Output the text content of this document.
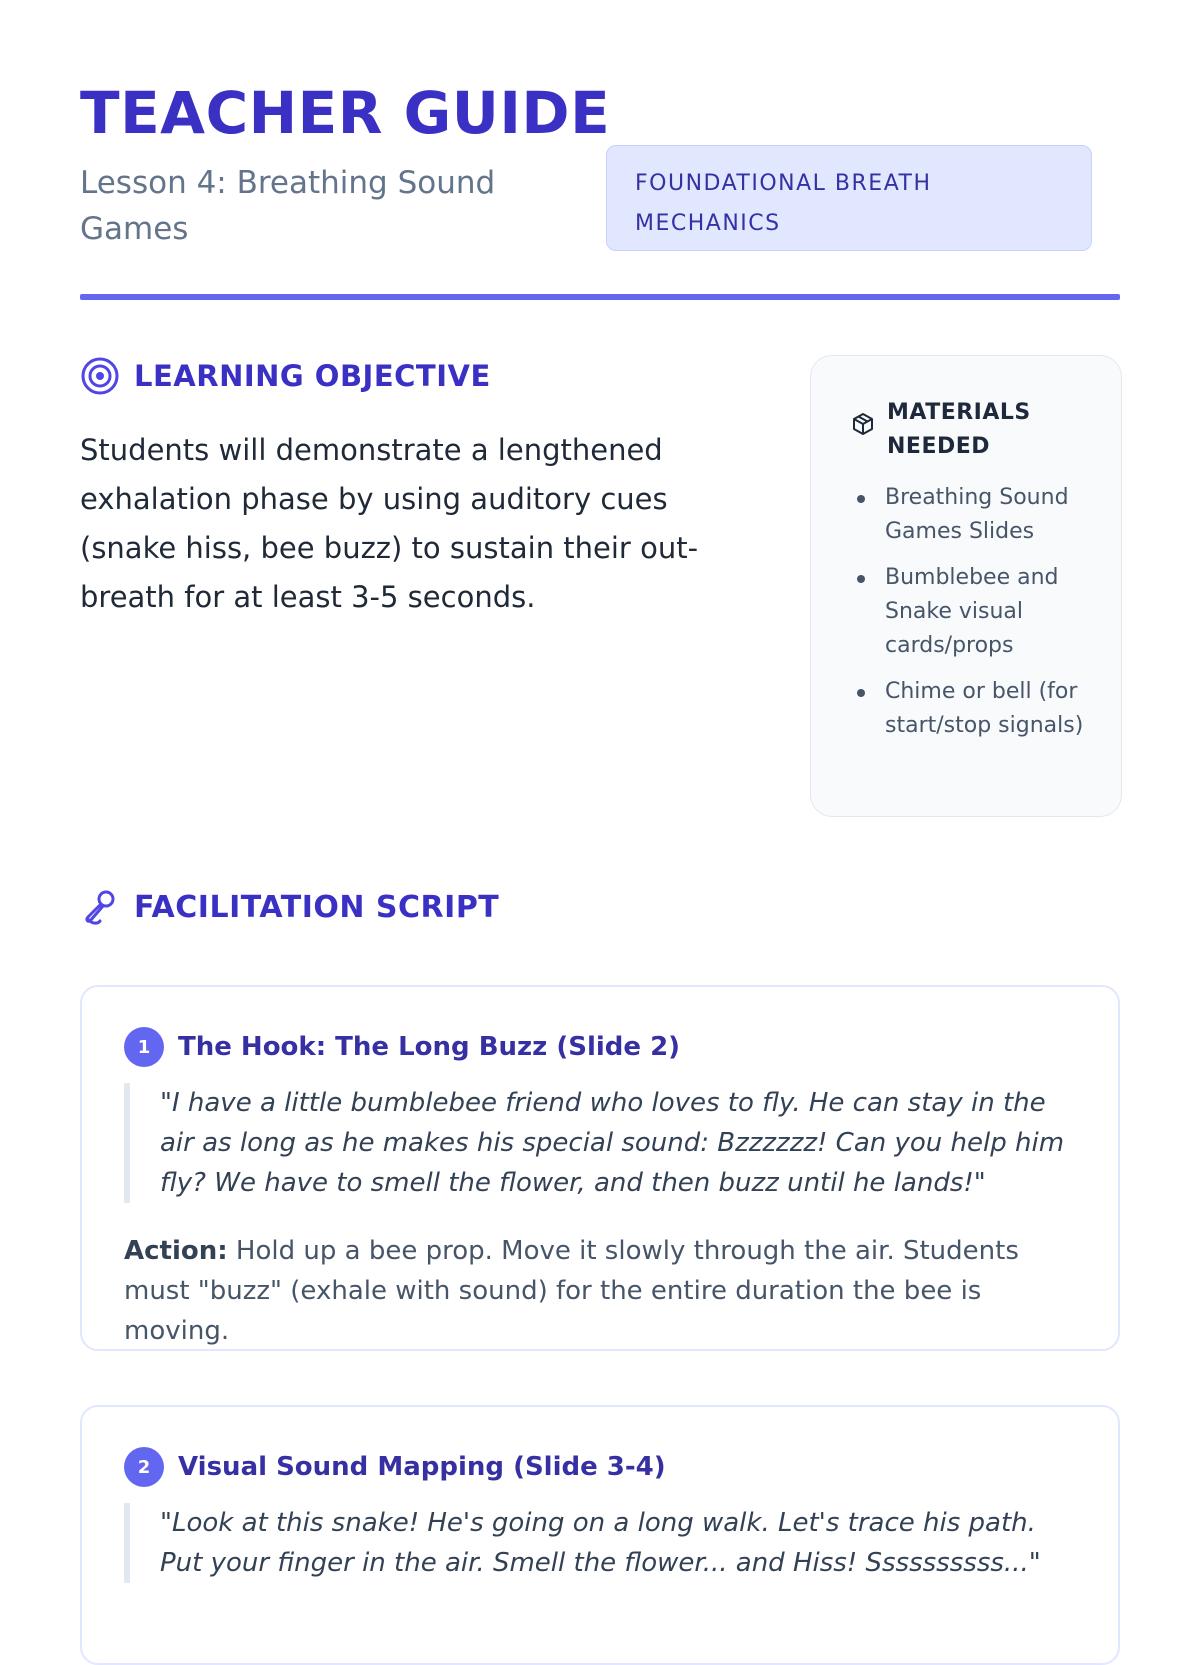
TEACHER GUIDE
Lesson 4: Breathing Sound Games
FOUNDATIONAL BREATH MECHANICS
LEARNING OBJECTIVE

Students will demonstrate a lengthened exhalation phase by using auditory cues (snake hiss, bee buzz) to sustain their out-breath for at least 3-5 seconds.

MATERIALS NEEDED
Breathing Sound Games Slides
Bumblebee and Snake visual cards/props
Chime or bell (for start/stop signals)
FACILITATION SCRIPT
1	The Hook: The Long Buzz (Slide 2)

"I have a little bumblebee friend who loves to fly. He can stay in the air as long as he makes his special sound: Bzzzzzz! Can you help him fly? We have to smell the flower, and then buzz until he lands!"

Action: Hold up a bee prop. Move it slowly through the air. Students must "buzz" (exhale with sound) for the entire duration the bee is moving.

2	Visual Sound Mapping (Slide 3-4)

"Look at this snake! He's going on a long walk. Let's trace his path. Put your finger in the air. Smell the flower... and Hiss! Ssssssssss..."
